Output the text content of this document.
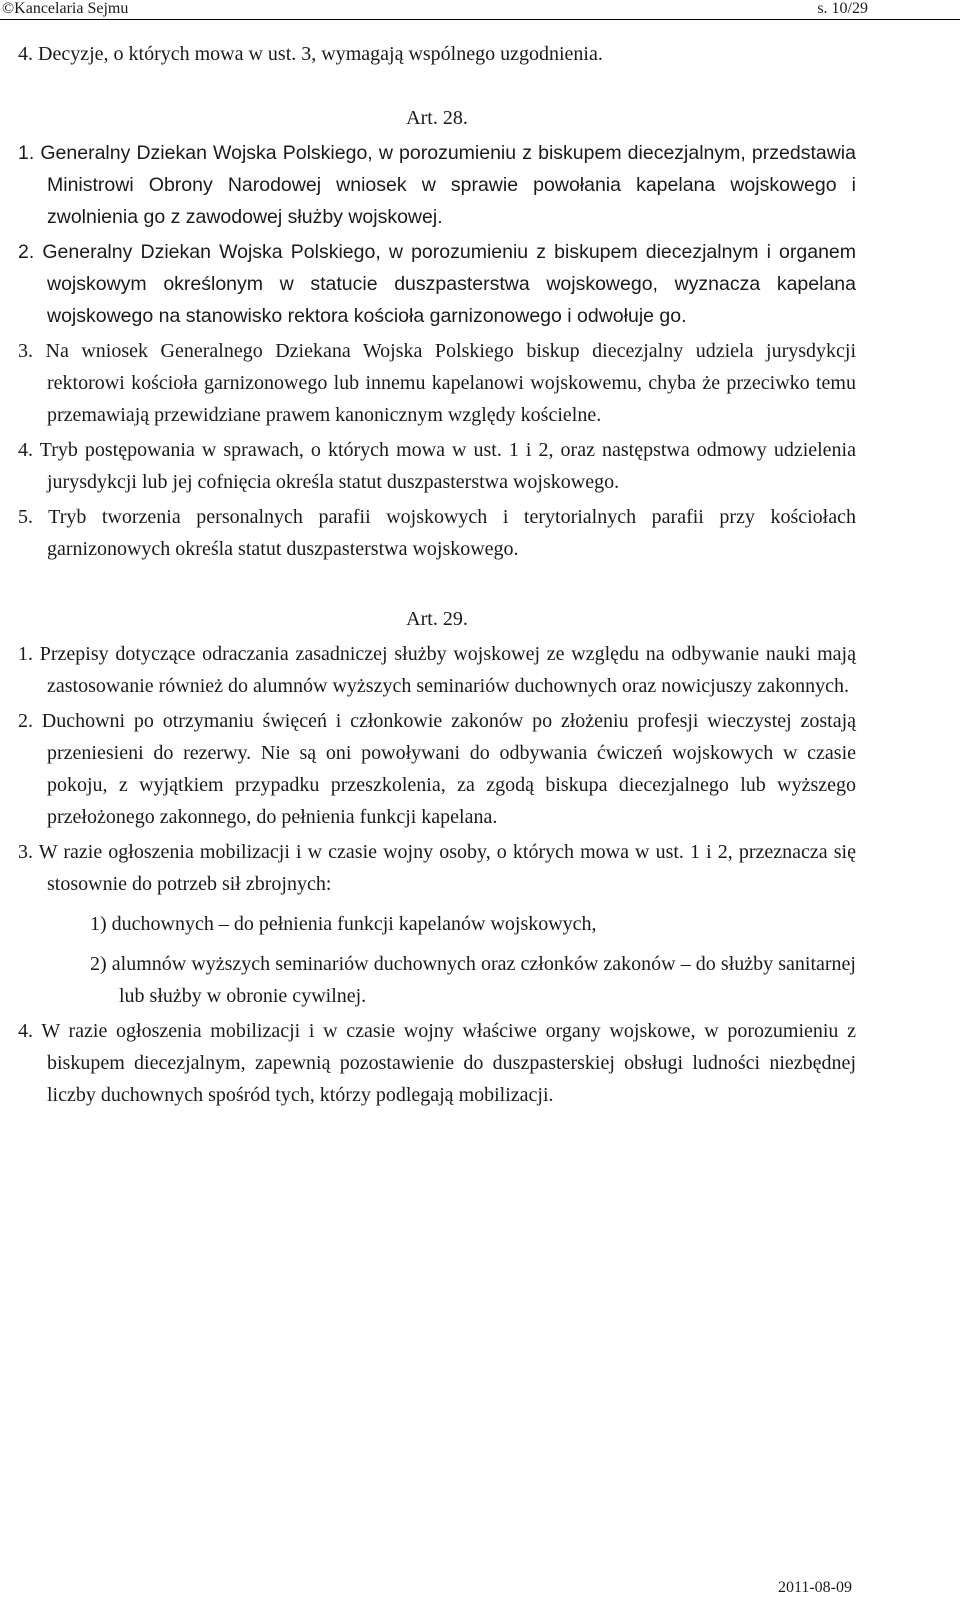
©Kancelaria Sejmu	s. 10/29

4. Decyzje, o których mowa w ust. 3, wymagają wspólnego uzgodnienia.

Art. 28.

1. Generalny Dziekan Wojska Polskiego, w porozumieniu z biskupem diecezjalnym, przedstawia Ministrowi Obrony Narodowej wniosek w sprawie powołania kapelana wojskowego i zwolnienia go z zawodowej służby wojskowej.

2. Generalny Dziekan Wojska Polskiego, w porozumieniu z biskupem diecezjalnym i organem wojskowym określonym w statucie duszpasterstwa wojskowego, wyznacza kapelana wojskowego na stanowisko rektora kościoła garnizonowego i odwołuje go.

3. Na wniosek Generalnego Dziekana Wojska Polskiego biskup diecezjalny udziela jurysdykcji rektorowi kościoła garnizonowego lub innemu kapelanowi wojskowemu, chyba że przeciwko temu przemawiają przewidziane prawem kanonicznym względy kościelne.

4. Tryb postępowania w sprawach, o których mowa w ust. 1 i 2, oraz następstwa odmowy udzielenia jurysdykcji lub jej cofnięcia określa statut duszpasterstwa wojskowego.

5. Tryb tworzenia personalnych parafii wojskowych i terytorialnych parafii przy kościołach garnizonowych określa statut duszpasterstwa wojskowego.

Art. 29.

1. Przepisy dotyczące odraczania zasadniczej służby wojskowej ze względu na odbywanie nauki mają zastosowanie również do alumnów wyższych seminariów duchownych oraz nowicjuszy zakonnych.

2. Duchowni po otrzymaniu święceń i członkowie zakonów po złożeniu profesji wieczystej zostają przeniesieni do rezerwy. Nie są oni powoływani do odbywania ćwiczeń wojskowych w czasie pokoju, z wyjątkiem przypadku przeszkolenia, za zgodą biskupa diecezjalnego lub wyższego przełożonego zakonnego, do pełnienia funkcji kapelana.

3. W razie ogłoszenia mobilizacji i w czasie wojny osoby, o których mowa w ust. 1 i 2, przeznacza się stosownie do potrzeb sił zbrojnych:

1) duchownych – do pełnienia funkcji kapelanów wojskowych,

2) alumnów wyższych seminariów duchownych oraz członków zakonów – do służby sanitarnej lub służby w obronie cywilnej.

4. W razie ogłoszenia mobilizacji i w czasie wojny właściwe organy wojskowe, w porozumieniu z biskupem diecezjalnym, zapewnią pozostawienie do duszpasterskiej obsługi ludności niezbędnej liczby duchownych spośród tych, którzy podlegają mobilizacji.

2011-08-09
